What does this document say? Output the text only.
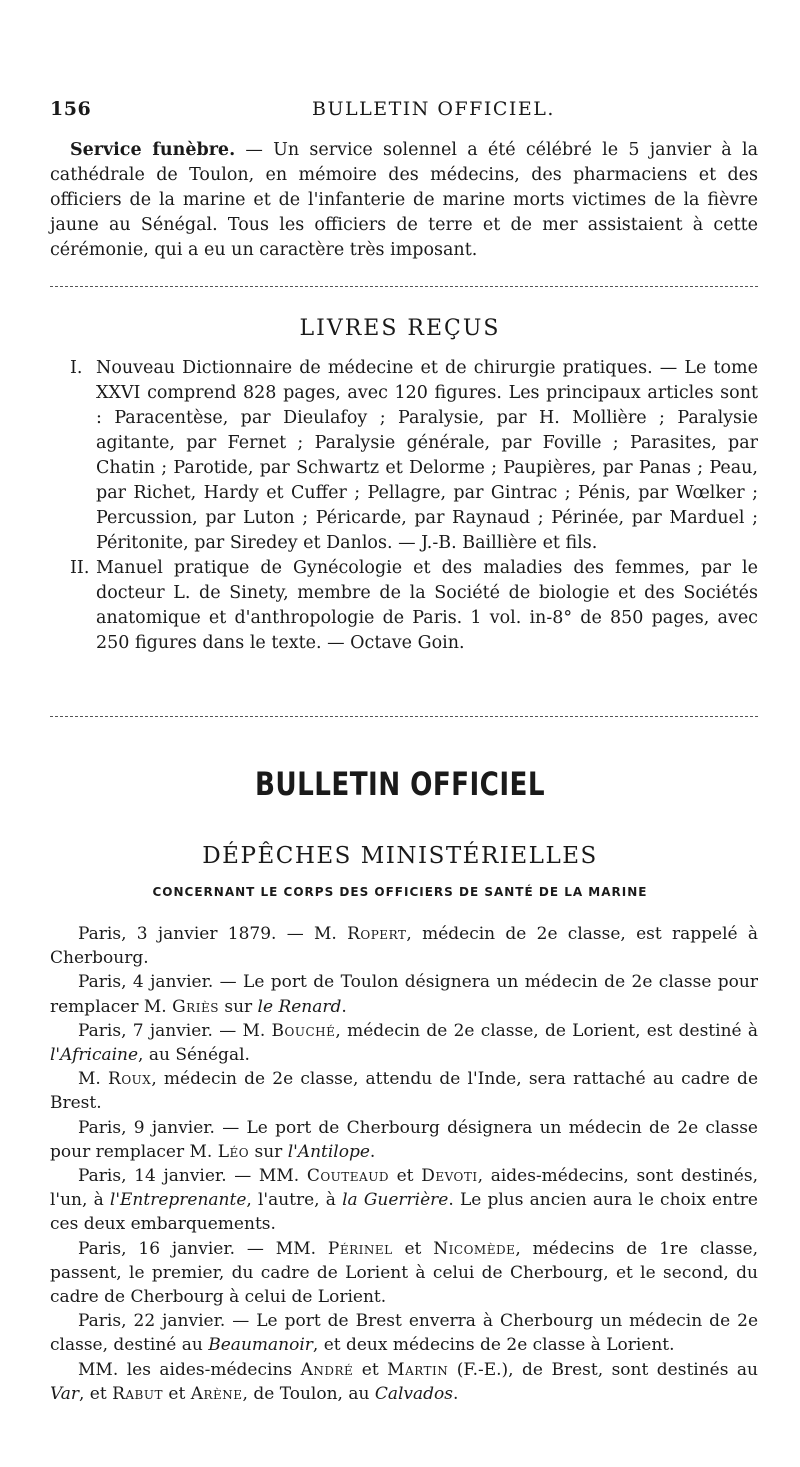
156	BULLETIN OFFICIEL.

Service funèbre. — Un service solennel a été célébré le 5 janvier à la cathédrale de Toulon, en mémoire des médecins, des pharmaciens et des officiers de la marine et de l'infanterie de marine morts victimes de la fièvre jaune au Sénégal. Tous les officiers de terre et de mer assistaient à cette cérémonie, qui a eu un caractère très imposant.

LIVRES REÇUS

I. Nouveau Dictionnaire de médecine et de chirurgie pratiques. — Le tome XXVI comprend 828 pages, avec 120 figures. Les principaux articles sont : Paracentèse, par Dieulafoy ; Paralysie, par H. Mollière ; Paralysie agitante, par Fernet ; Paralysie générale, par Foville ; Parasites, par Chatin ; Parotide, par Schwartz et Delorme ; Paupières, par Panas ; Peau, par Richet, Hardy et Cuffer ; Pellagre, par Gintrac ; Pénis, par Wœlker ; Percussion, par Luton ; Péricarde, par Raynaud ; Périnée, par Marduel ; Péritonite, par Siredey et Danlos. — J.-B. Baillière et fils.

II. Manuel pratique de Gynécologie et des maladies des femmes, par le docteur L. de Sinety, membre de la Société de biologie et des Sociétés anatomique et d'anthropologie de Paris. 1 vol. in-8° de 850 pages, avec 250 figures dans le texte. — Octave Goin.

BULLETIN OFFICIEL
DÉPÊCHES MINISTÉRIELLES
CONCERNANT LE CORPS DES OFFICIERS DE SANTÉ DE LA MARINE

Paris, 3 janvier 1879. — M. Ropert, médecin de 2e classe, est rappelé à Cherbourg.

Paris, 4 janvier. — Le port de Toulon désignera un médecin de 2e classe pour remplacer M. Griès sur le Renard.

Paris, 7 janvier. — M. Bouché, médecin de 2e classe, de Lorient, est destiné à l'Africaine, au Sénégal.

M. Roux, médecin de 2e classe, attendu de l'Inde, sera rattaché au cadre de Brest.

Paris, 9 janvier. — Le port de Cherbourg désignera un médecin de 2e classe pour remplacer M. Léo sur l'Antilope.

Paris, 14 janvier. — MM. Couteaud et Devoti, aides-médecins, sont destinés, l'un, à l'Entreprenante, l'autre, à la Guerrière. Le plus ancien aura le choix entre ces deux embarquements.

Paris, 16 janvier. — MM. Périnel et Nicomède, médecins de 1re classe, passent, le premier, du cadre de Lorient à celui de Cherbourg, et le second, du cadre de Cherbourg à celui de Lorient.

Paris, 22 janvier. — Le port de Brest enverra à Cherbourg un médecin de 2e classe, destiné au Beaumanoir, et deux médecins de 2e classe à Lorient.

MM. les aides-médecins André et Martin (F.-E.), de Brest, sont destinés au Var, et Rabut et Arène, de Toulon, au Calvados.
